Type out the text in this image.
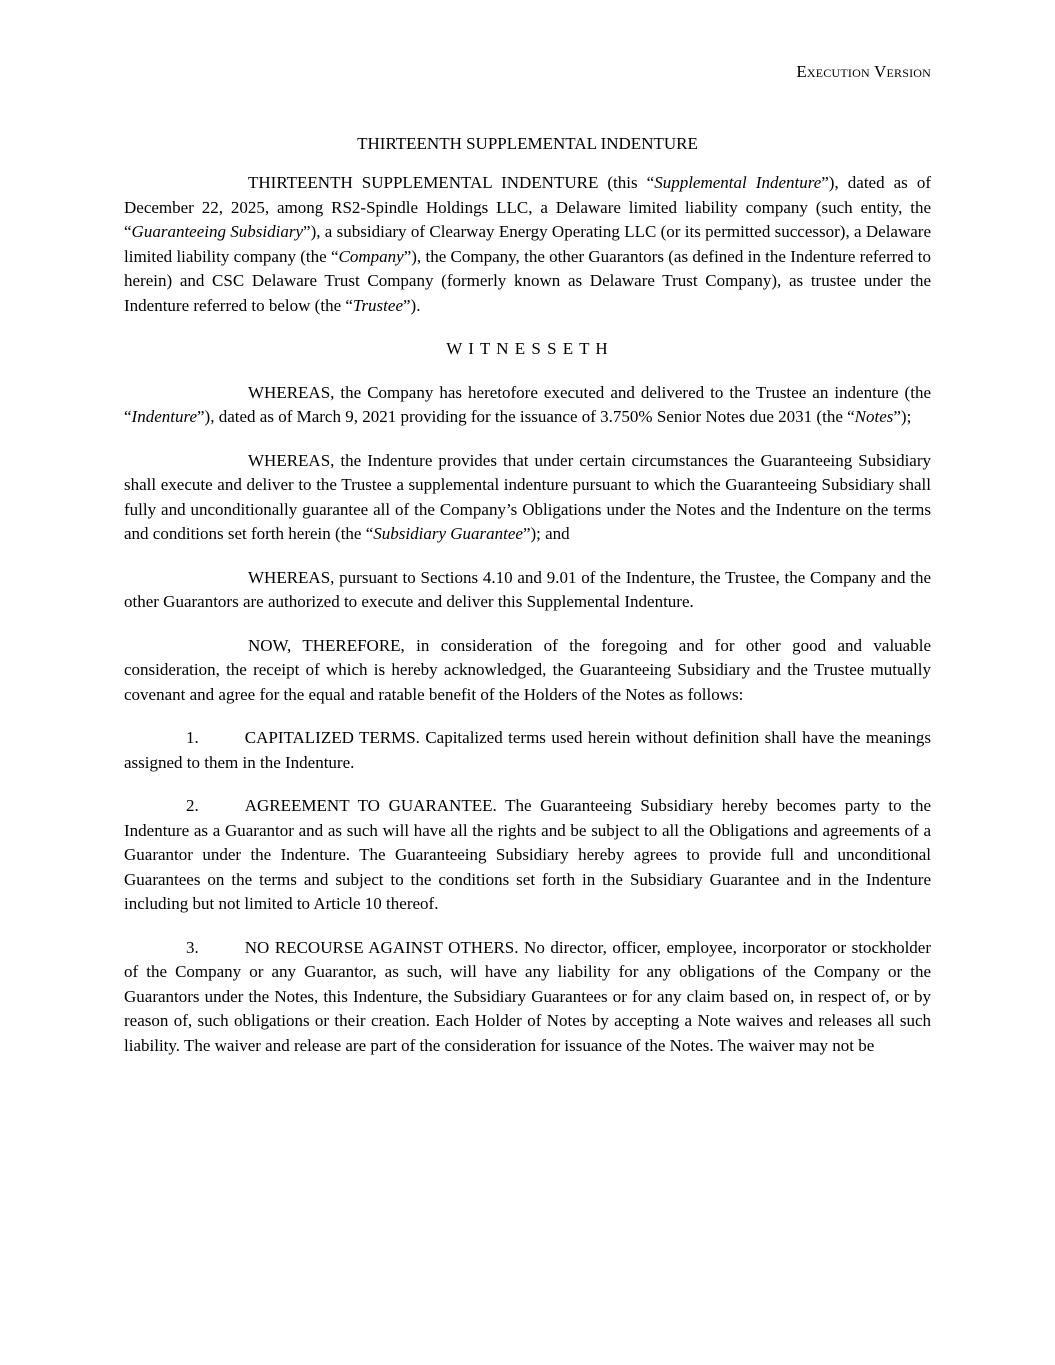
Execution Version
THIRTEENTH SUPPLEMENTAL INDENTURE

THIRTEENTH SUPPLEMENTAL INDENTURE (this “Supplemental Indenture”), dated as of December 22, 2025, among RS2-Spindle Holdings LLC, a Delaware limited liability company (such entity, the “Guaranteeing Subsidiary”), a subsidiary of Clearway Energy Operating LLC (or its permitted successor), a Delaware limited liability company (the “Company”), the Company, the other Guarantors (as defined in the Indenture referred to herein) and CSC Delaware Trust Company (formerly known as Delaware Trust Company), as trustee under the Indenture referred to below (the “Trustee”).

W I T N E S S E T H

WHEREAS, the Company has heretofore executed and delivered to the Trustee an indenture (the “Indenture”), dated as of March 9, 2021 providing for the issuance of 3.750% Senior Notes due 2031 (the “Notes”);

WHEREAS, the Indenture provides that under certain circumstances the Guaranteeing Subsidiary shall execute and deliver to the Trustee a supplemental indenture pursuant to which the Guaranteeing Subsidiary shall fully and unconditionally guarantee all of the Company’s Obligations under the Notes and the Indenture on the terms and conditions set forth herein (the “Subsidiary Guarantee”); and

WHEREAS, pursuant to Sections 4.10 and 9.01 of the Indenture, the Trustee, the Company and the other Guarantors are authorized to execute and deliver this Supplemental Indenture.

NOW, THEREFORE, in consideration of the foregoing and for other good and valuable consideration, the receipt of which is hereby acknowledged, the Guaranteeing Subsidiary and the Trustee mutually covenant and agree for the equal and ratable benefit of the Holders of the Notes as follows:

1.	CAPITALIZED TERMS. Capitalized terms used herein without definition shall have the meanings assigned to them in the Indenture.

2.	AGREEMENT TO GUARANTEE. The Guaranteeing Subsidiary hereby becomes party to the Indenture as a Guarantor and as such will have all the rights and be subject to all the Obligations and agreements of a Guarantor under the Indenture. The Guaranteeing Subsidiary hereby agrees to provide full and unconditional Guarantees on the terms and subject to the conditions set forth in the Subsidiary Guarantee and in the Indenture including but not limited to Article 10 thereof.

3.	NO RECOURSE AGAINST OTHERS. No director, officer, employee, incorporator or stockholder of the Company or any Guarantor, as such, will have any liability for any obligations of the Company or the Guarantors under the Notes, this Indenture, the Subsidiary Guarantees or for any claim based on, in respect of, or by reason of, such obligations or their creation. Each Holder of Notes by accepting a Note waives and releases all such liability. The waiver and release are part of the consideration for issuance of the Notes. The waiver may not be
